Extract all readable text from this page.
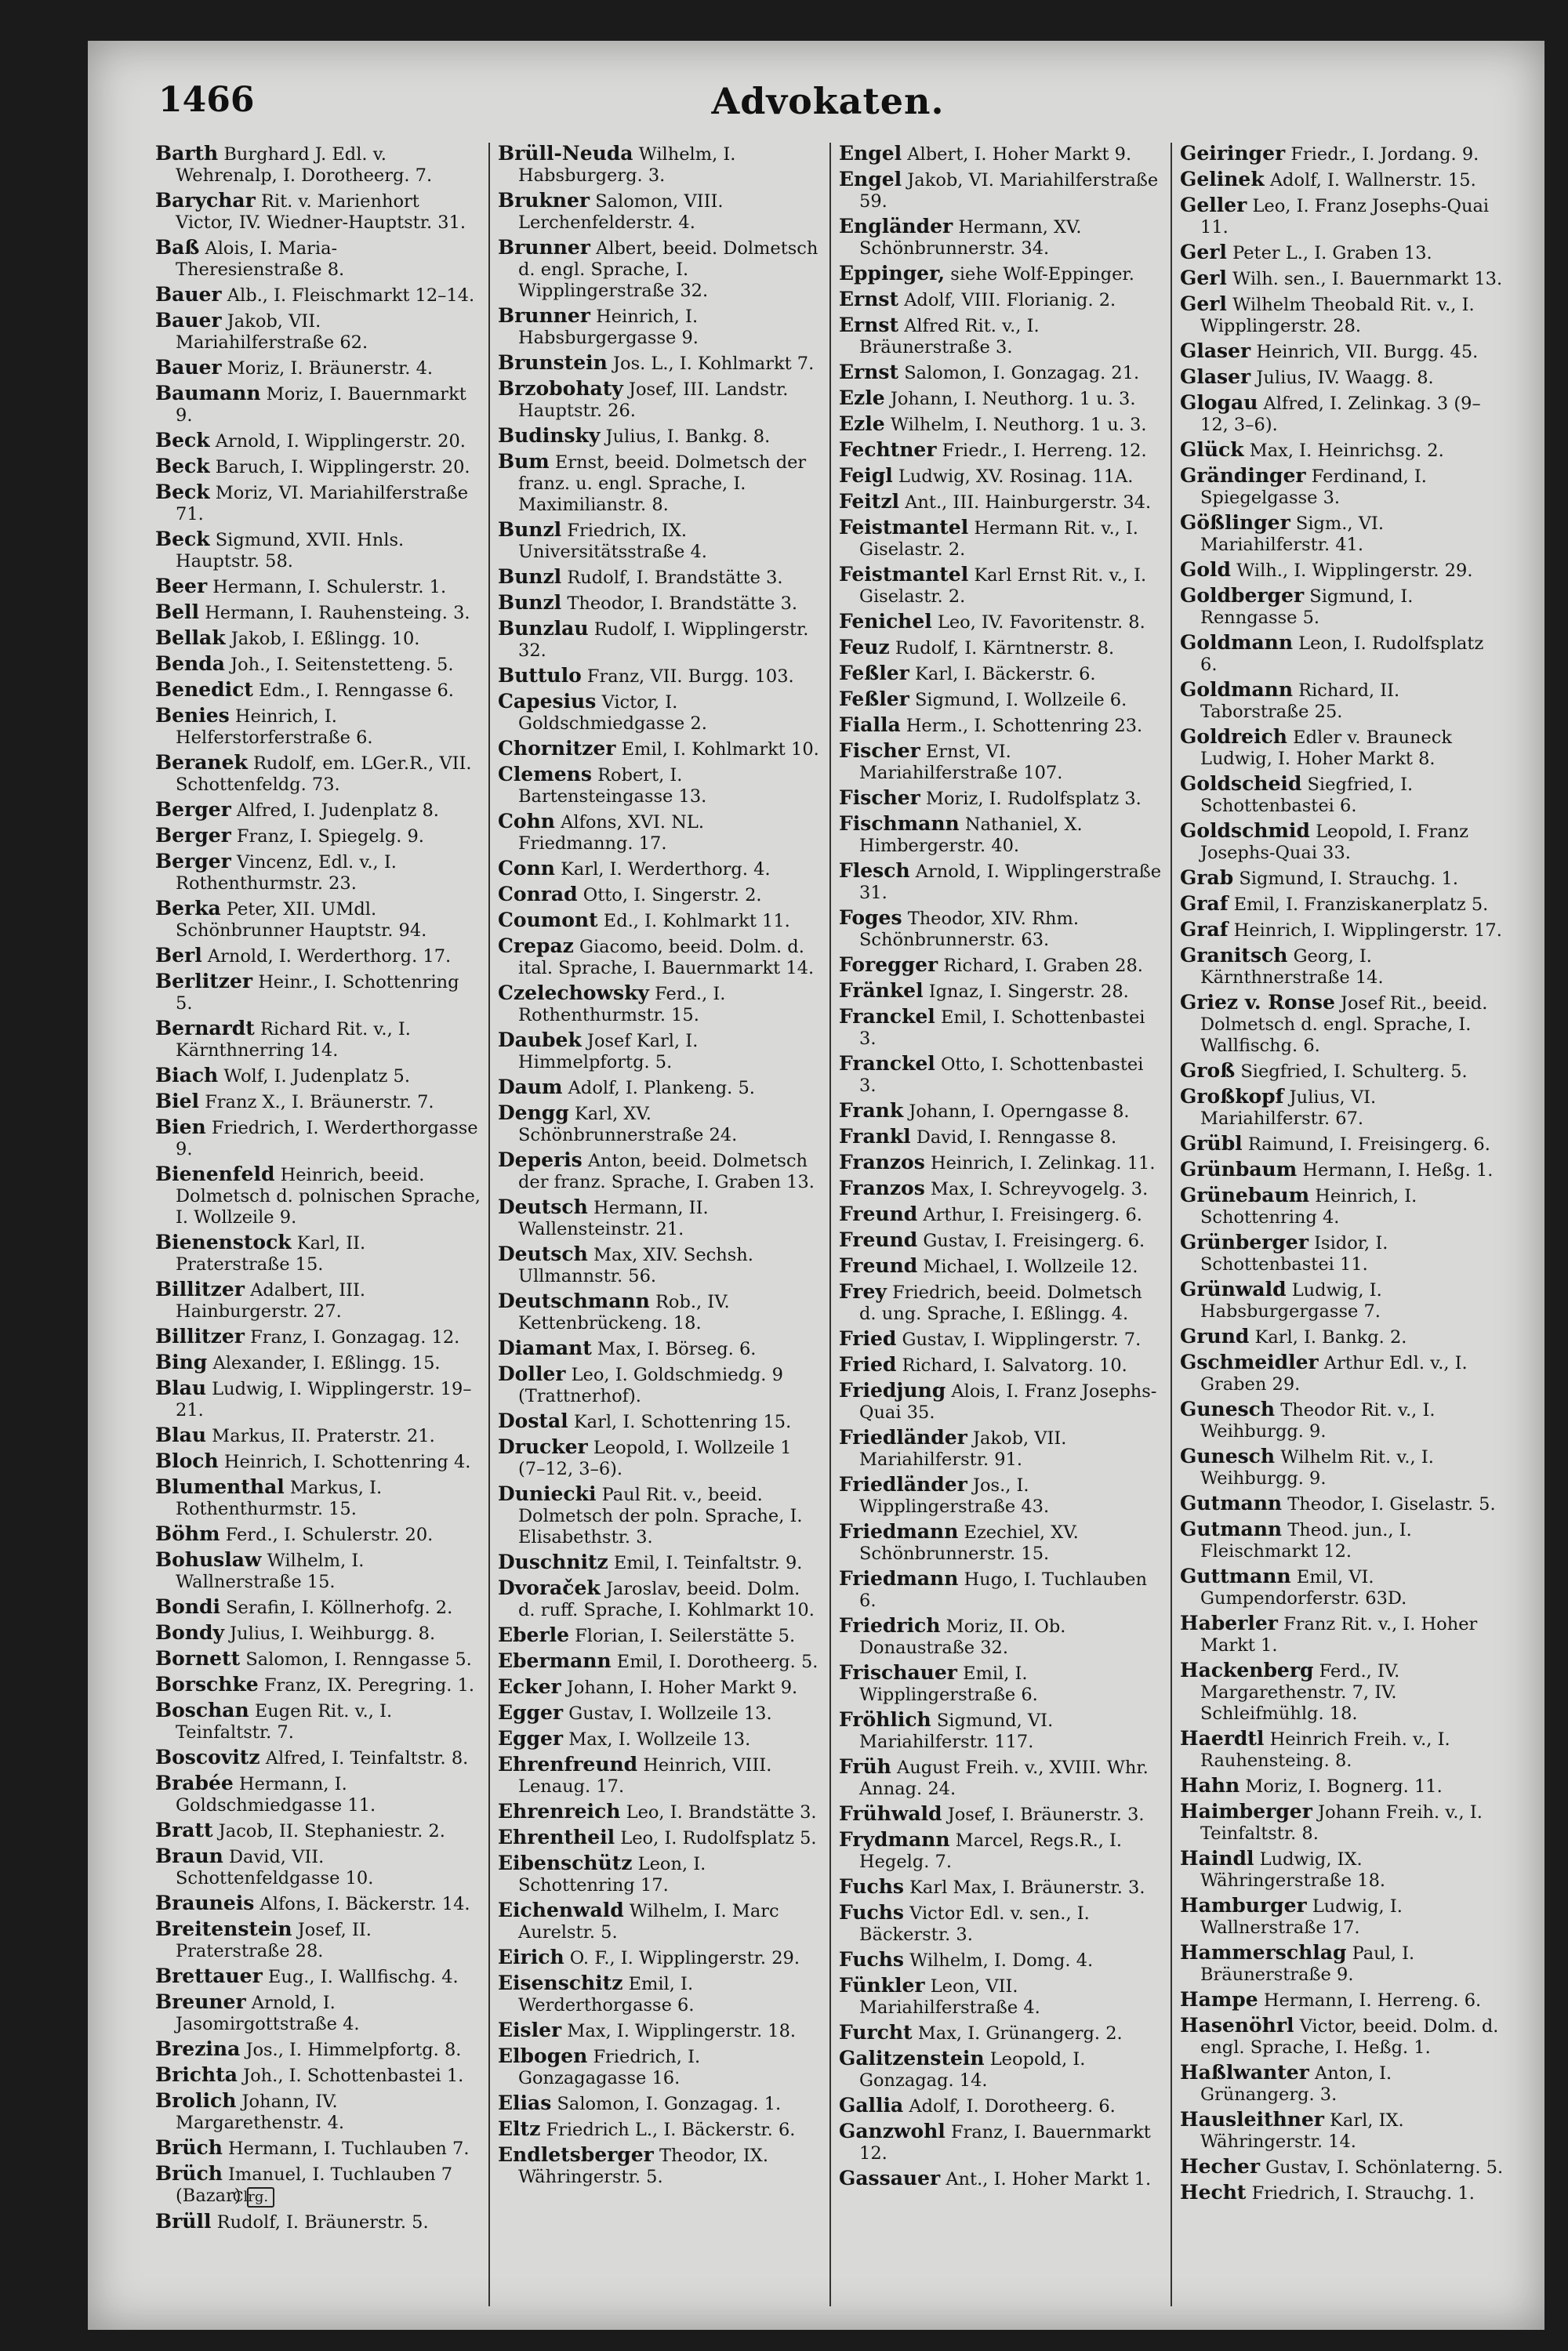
1466	Advokaten.

Barth Burghard J. Edl. v. Wehrenalp, I. Dorotheerg. 7.

Barychar Rit. v. Marienhort Victor, IV. Wiedner-Hauptstr. 31.

Baß Alois, I. Maria-Theresienstraße 8.

Bauer Alb., I. Fleischmarkt 12–14.

Bauer Jakob, VII. Mariahilferstraße 62.

Bauer Moriz, I. Bräunerstr. 4.

Baumann Moriz, I. Bauernmarkt 9.

Beck Arnold, I. Wipplingerstr. 20.

Beck Baruch, I. Wipplingerstr. 20.

Beck Moriz, VI. Mariahilferstraße 71.

Beck Sigmund, XVII. Hnls. Hauptstr. 58.

Beer Hermann, I. Schulerstr. 1.

Bell Hermann, I. Rauhensteing. 3.

Bellak Jakob, I. Eßlingg. 10.

Benda Joh., I. Seitenstetteng. 5.

Benedict Edm., I. Renngasse 6.

Benies Heinrich, I. Helferstorferstraße 6.

Beranek Rudolf, em. LGer.R., VII. Schottenfeldg. 73.

Berger Alfred, I. Judenplatz 8.

Berger Franz, I. Spiegelg. 9.

Berger Vincenz, Edl. v., I. Rothenthurmstr. 23.

Berka Peter, XII. UMdl. Schönbrunner Hauptstr. 94.

Berl Arnold, I. Werderthorg. 17.

Berlitzer Heinr., I. Schottenring 5.

Bernardt Richard Rit. v., I. Kärnthnerring 14.

Biach Wolf, I. Judenplatz 5.

Biel Franz X., I. Bräunerstr. 7.

Bien Friedrich, I. Werderthorgasse 9.

Bienenfeld Heinrich, beeid. Dolmetsch d. polnischen Sprache, I. Wollzeile 9.

Bienenstock Karl, II. Praterstraße 15.

Billitzer Adalbert, III. Hainburgerstr. 27.

Billitzer Franz, I. Gonzagag. 12.

Bing Alexander, I. Eßlingg. 15.

Blau Ludwig, I. Wipplingerstr. 19–21.

Blau Markus, II. Praterstr. 21.

Bloch Heinrich, I. Schottenring 4.

Blumenthal Markus, I. Rothenthurmstr. 15.

Böhm Ferd., I. Schulerstr. 20.

Bohuslaw Wilhelm, I. Wallnerstraße 15.

Bondi Serafin, I. Köllnerhofg. 2.

Bondy Julius, I. Weihburgg. 8.

Bornett Salomon, I. Renngasse 5.

Borschke Franz, IX. Peregring. 1.

Boschan Eugen Rit. v., I. Teinfaltstr. 7.

Boscovitz Alfred, I. Teinfaltstr. 8.

Brabée Hermann, I. Goldschmiedgasse 11.

Bratt Jacob, II. Stephaniestr. 2.

Braun David, VII. Schottenfeldgasse 10.

Brauneis Alfons, I. Bäckerstr. 14.

Breitenstein Josef, II. Praterstraße 28.

Brettauer Eug., I. Wallfischg. 4.

Breuner Arnold, I. Jasomirgottstraße 4.

Brezina Jos., I. Himmelpfortg. 8.

Brichta Joh., I. Schottenbastei 1.

Brolich Johann, IV. Margarethenstr. 4.

Brüch Hermann, I. Tuchlauben 7.

Brüch Imanuel, I. Tuchlauben 7 (Bazar) Clrg.

Brüll Rudolf, I. Bräunerstr. 5.

Brüll-Neuda Wilhelm, I. Habsburgerg. 3.

Brukner Salomon, VIII. Lerchenfelderstr. 4.

Brunner Albert, beeid. Dolmetsch d. engl. Sprache, I. Wipplingerstraße 32.

Brunner Heinrich, I. Habsburgergasse 9.

Brunstein Jos. L., I. Kohlmarkt 7.

Brzobohaty Josef, III. Landstr. Hauptstr. 26.

Budinsky Julius, I. Bankg. 8.

Bum Ernst, beeid. Dolmetsch der franz. u. engl. Sprache, I. Maximilianstr. 8.

Bunzl Friedrich, IX. Universitätsstraße 4.

Bunzl Rudolf, I. Brandstätte 3.

Bunzl Theodor, I. Brandstätte 3.

Bunzlau Rudolf, I. Wipplingerstr. 32.

Buttulo Franz, VII. Burgg. 103.

Capesius Victor, I. Goldschmiedgasse 2.

Chornitzer Emil, I. Kohlmarkt 10.

Clemens Robert, I. Bartensteingasse 13.

Cohn Alfons, XVI. NL. Friedmanng. 17.

Conn Karl, I. Werderthorg. 4.

Conrad Otto, I. Singerstr. 2.

Coumont Ed., I. Kohlmarkt 11.

Crepaz Giacomo, beeid. Dolm. d. ital. Sprache, I. Bauernmarkt 14.

Czelechowsky Ferd., I. Rothenthurmstr. 15.

Daubek Josef Karl, I. Himmelpfortg. 5.

Daum Adolf, I. Plankeng. 5.

Dengg Karl, XV. Schönbrunnerstraße 24.

Deperis Anton, beeid. Dolmetsch der franz. Sprache, I. Graben 13.

Deutsch Hermann, II. Wallensteinstr. 21.

Deutsch Max, XIV. Sechsh. Ullmannstr. 56.

Deutschmann Rob., IV. Kettenbrückeng. 18.

Diamant Max, I. Börseg. 6.

Doller Leo, I. Goldschmiedg. 9 (Trattnerhof).

Dostal Karl, I. Schottenring 15.

Drucker Leopold, I. Wollzeile 1 (7–12, 3–6).

Duniecki Paul Rit. v., beeid. Dolmetsch der poln. Sprache, I. Elisabethstr. 3.

Duschnitz Emil, I. Teinfaltstr. 9.

Dvoraček Jaroslav, beeid. Dolm. d. ruff. Sprache, I. Kohlmarkt 10.

Eberle Florian, I. Seilerstätte 5.

Ebermann Emil, I. Dorotheerg. 5.

Ecker Johann, I. Hoher Markt 9.

Egger Gustav, I. Wollzeile 13.

Egger Max, I. Wollzeile 13.

Ehrenfreund Heinrich, VIII. Lenaug. 17.

Ehrenreich Leo, I. Brandstätte 3.

Ehrentheil Leo, I. Rudolfsplatz 5.

Eibenschütz Leon, I. Schottenring 17.

Eichenwald Wilhelm, I. Marc Aurelstr. 5.

Eirich O. F., I. Wipplingerstr. 29.

Eisenschitz Emil, I. Werderthorgasse 6.

Eisler Max, I. Wipplingerstr. 18.

Elbogen Friedrich, I. Gonzagagasse 16.

Elias Salomon, I. Gonzagag. 1.

Eltz Friedrich L., I. Bäckerstr. 6.

Endletsberger Theodor, IX. Währingerstr. 5.

Engel Albert, I. Hoher Markt 9.

Engel Jakob, VI. Mariahilferstraße 59.

Engländer Hermann, XV. Schönbrunnerstr. 34.

Eppinger, siehe Wolf-Eppinger.

Ernst Adolf, VIII. Florianig. 2.

Ernst Alfred Rit. v., I. Bräunerstraße 3.

Ernst Salomon, I. Gonzagag. 21.

Ezle Johann, I. Neuthorg. 1 u. 3.

Ezle Wilhelm, I. Neuthorg. 1 u. 3.

Fechtner Friedr., I. Herreng. 12.

Feigl Ludwig, XV. Rosinag. 11A.

Feitzl Ant., III. Hainburgerstr. 34.

Feistmantel Hermann Rit. v., I. Giselastr. 2.

Feistmantel Karl Ernst Rit. v., I. Giselastr. 2.

Fenichel Leo, IV. Favoritenstr. 8.

Feuz Rudolf, I. Kärntnerstr. 8.

Feßler Karl, I. Bäckerstr. 6.

Feßler Sigmund, I. Wollzeile 6.

Fialla Herm., I. Schottenring 23.

Fischer Ernst, VI. Mariahilferstraße 107.

Fischer Moriz, I. Rudolfsplatz 3.

Fischmann Nathaniel, X. Himbergerstr. 40.

Flesch Arnold, I. Wipplingerstraße 31.

Foges Theodor, XIV. Rhm. Schönbrunnerstr. 63.

Foregger Richard, I. Graben 28.

Fränkel Ignaz, I. Singerstr. 28.

Franckel Emil, I. Schottenbastei 3.

Franckel Otto, I. Schottenbastei 3.

Frank Johann, I. Operngasse 8.

Frankl David, I. Renngasse 8.

Franzos Heinrich, I. Zelinkag. 11.

Franzos Max, I. Schreyvogelg. 3.

Freund Arthur, I. Freisingerg. 6.

Freund Gustav, I. Freisingerg. 6.

Freund Michael, I. Wollzeile 12.

Frey Friedrich, beeid. Dolmetsch d. ung. Sprache, I. Eßlingg. 4.

Fried Gustav, I. Wipplingerstr. 7.

Fried Richard, I. Salvatorg. 10.

Friedjung Alois, I. Franz Josephs-Quai 35.

Friedländer Jakob, VII. Mariahilferstr. 91.

Friedländer Jos., I. Wipplingerstraße 43.

Friedmann Ezechiel, XV. Schönbrunnerstr. 15.

Friedmann Hugo, I. Tuchlauben 6.

Friedrich Moriz, II. Ob. Donaustraße 32.

Frischauer Emil, I. Wipplingerstraße 6.

Fröhlich Sigmund, VI. Mariahilferstr. 117.

Früh August Freih. v., XVIII. Whr. Annag. 24.

Frühwald Josef, I. Bräunerstr. 3.

Frydmann Marcel, Regs.R., I. Hegelg. 7.

Fuchs Karl Max, I. Bräunerstr. 3.

Fuchs Victor Edl. v. sen., I. Bäckerstr. 3.

Fuchs Wilhelm, I. Domg. 4.

Fünkler Leon, VII. Mariahilferstraße 4.

Furcht Max, I. Grünangerg. 2.

Galitzenstein Leopold, I. Gonzagag. 14.

Gallia Adolf, I. Dorotheerg. 6.

Ganzwohl Franz, I. Bauernmarkt 12.

Gassauer Ant., I. Hoher Markt 1.

Geiringer Friedr., I. Jordang. 9.

Gelinek Adolf, I. Wallnerstr. 15.

Geller Leo, I. Franz Josephs-Quai 11.

Gerl Peter L., I. Graben 13.

Gerl Wilh. sen., I. Bauernmarkt 13.

Gerl Wilhelm Theobald Rit. v., I. Wipplingerstr. 28.

Glaser Heinrich, VII. Burgg. 45.

Glaser Julius, IV. Waagg. 8.

Glogau Alfred, I. Zelinkag. 3 (9–12, 3–6).

Glück Max, I. Heinrichsg. 2.

Grändinger Ferdinand, I. Spiegelgasse 3.

Gößlinger Sigm., VI. Mariahilferstr. 41.

Gold Wilh., I. Wipplingerstr. 29.

Goldberger Sigmund, I. Renngasse 5.

Goldmann Leon, I. Rudolfsplatz 6.

Goldmann Richard, II. Taborstraße 25.

Goldreich Edler v. Brauneck Ludwig, I. Hoher Markt 8.

Goldscheid Siegfried, I. Schottenbastei 6.

Goldschmid Leopold, I. Franz Josephs-Quai 33.

Grab Sigmund, I. Strauchg. 1.

Graf Emil, I. Franziskanerplatz 5.

Graf Heinrich, I. Wipplingerstr. 17.

Granitsch Georg, I. Kärnthnerstraße 14.

Griez v. Ronse Josef Rit., beeid. Dolmetsch d. engl. Sprache, I. Wallfischg. 6.

Groß Siegfried, I. Schulterg. 5.

Großkopf Julius, VI. Mariahilferstr. 67.

Grübl Raimund, I. Freisingerg. 6.

Grünbaum Hermann, I. Heßg. 1.

Grünebaum Heinrich, I. Schottenring 4.

Grünberger Isidor, I. Schottenbastei 11.

Grünwald Ludwig, I. Habsburgergasse 7.

Grund Karl, I. Bankg. 2.

Gschmeidler Arthur Edl. v., I. Graben 29.

Gunesch Theodor Rit. v., I. Weihburgg. 9.

Gunesch Wilhelm Rit. v., I. Weihburgg. 9.

Gutmann Theodor, I. Giselastr. 5.

Gutmann Theod. jun., I. Fleischmarkt 12.

Guttmann Emil, VI. Gumpendorferstr. 63D.

Haberler Franz Rit. v., I. Hoher Markt 1.

Hackenberg Ferd., IV. Margarethenstr. 7, IV. Schleifmühlg. 18.

Haerdtl Heinrich Freih. v., I. Rauhensteing. 8.

Hahn Moriz, I. Bognerg. 11.

Haimberger Johann Freih. v., I. Teinfaltstr. 8.

Haindl Ludwig, IX. Währingerstraße 18.

Hamburger Ludwig, I. Wallnerstraße 17.

Hammerschlag Paul, I. Bräunerstraße 9.

Hampe Hermann, I. Herreng. 6.

Hasenöhrl Victor, beeid. Dolm. d. engl. Sprache, I. Heßg. 1.

Haßlwanter Anton, I. Grünangerg. 3.

Hausleithner Karl, IX. Währingerstr. 14.

Hecher Gustav, I. Schönlaterng. 5.

Hecht Friedrich, I. Strauchg. 1.
